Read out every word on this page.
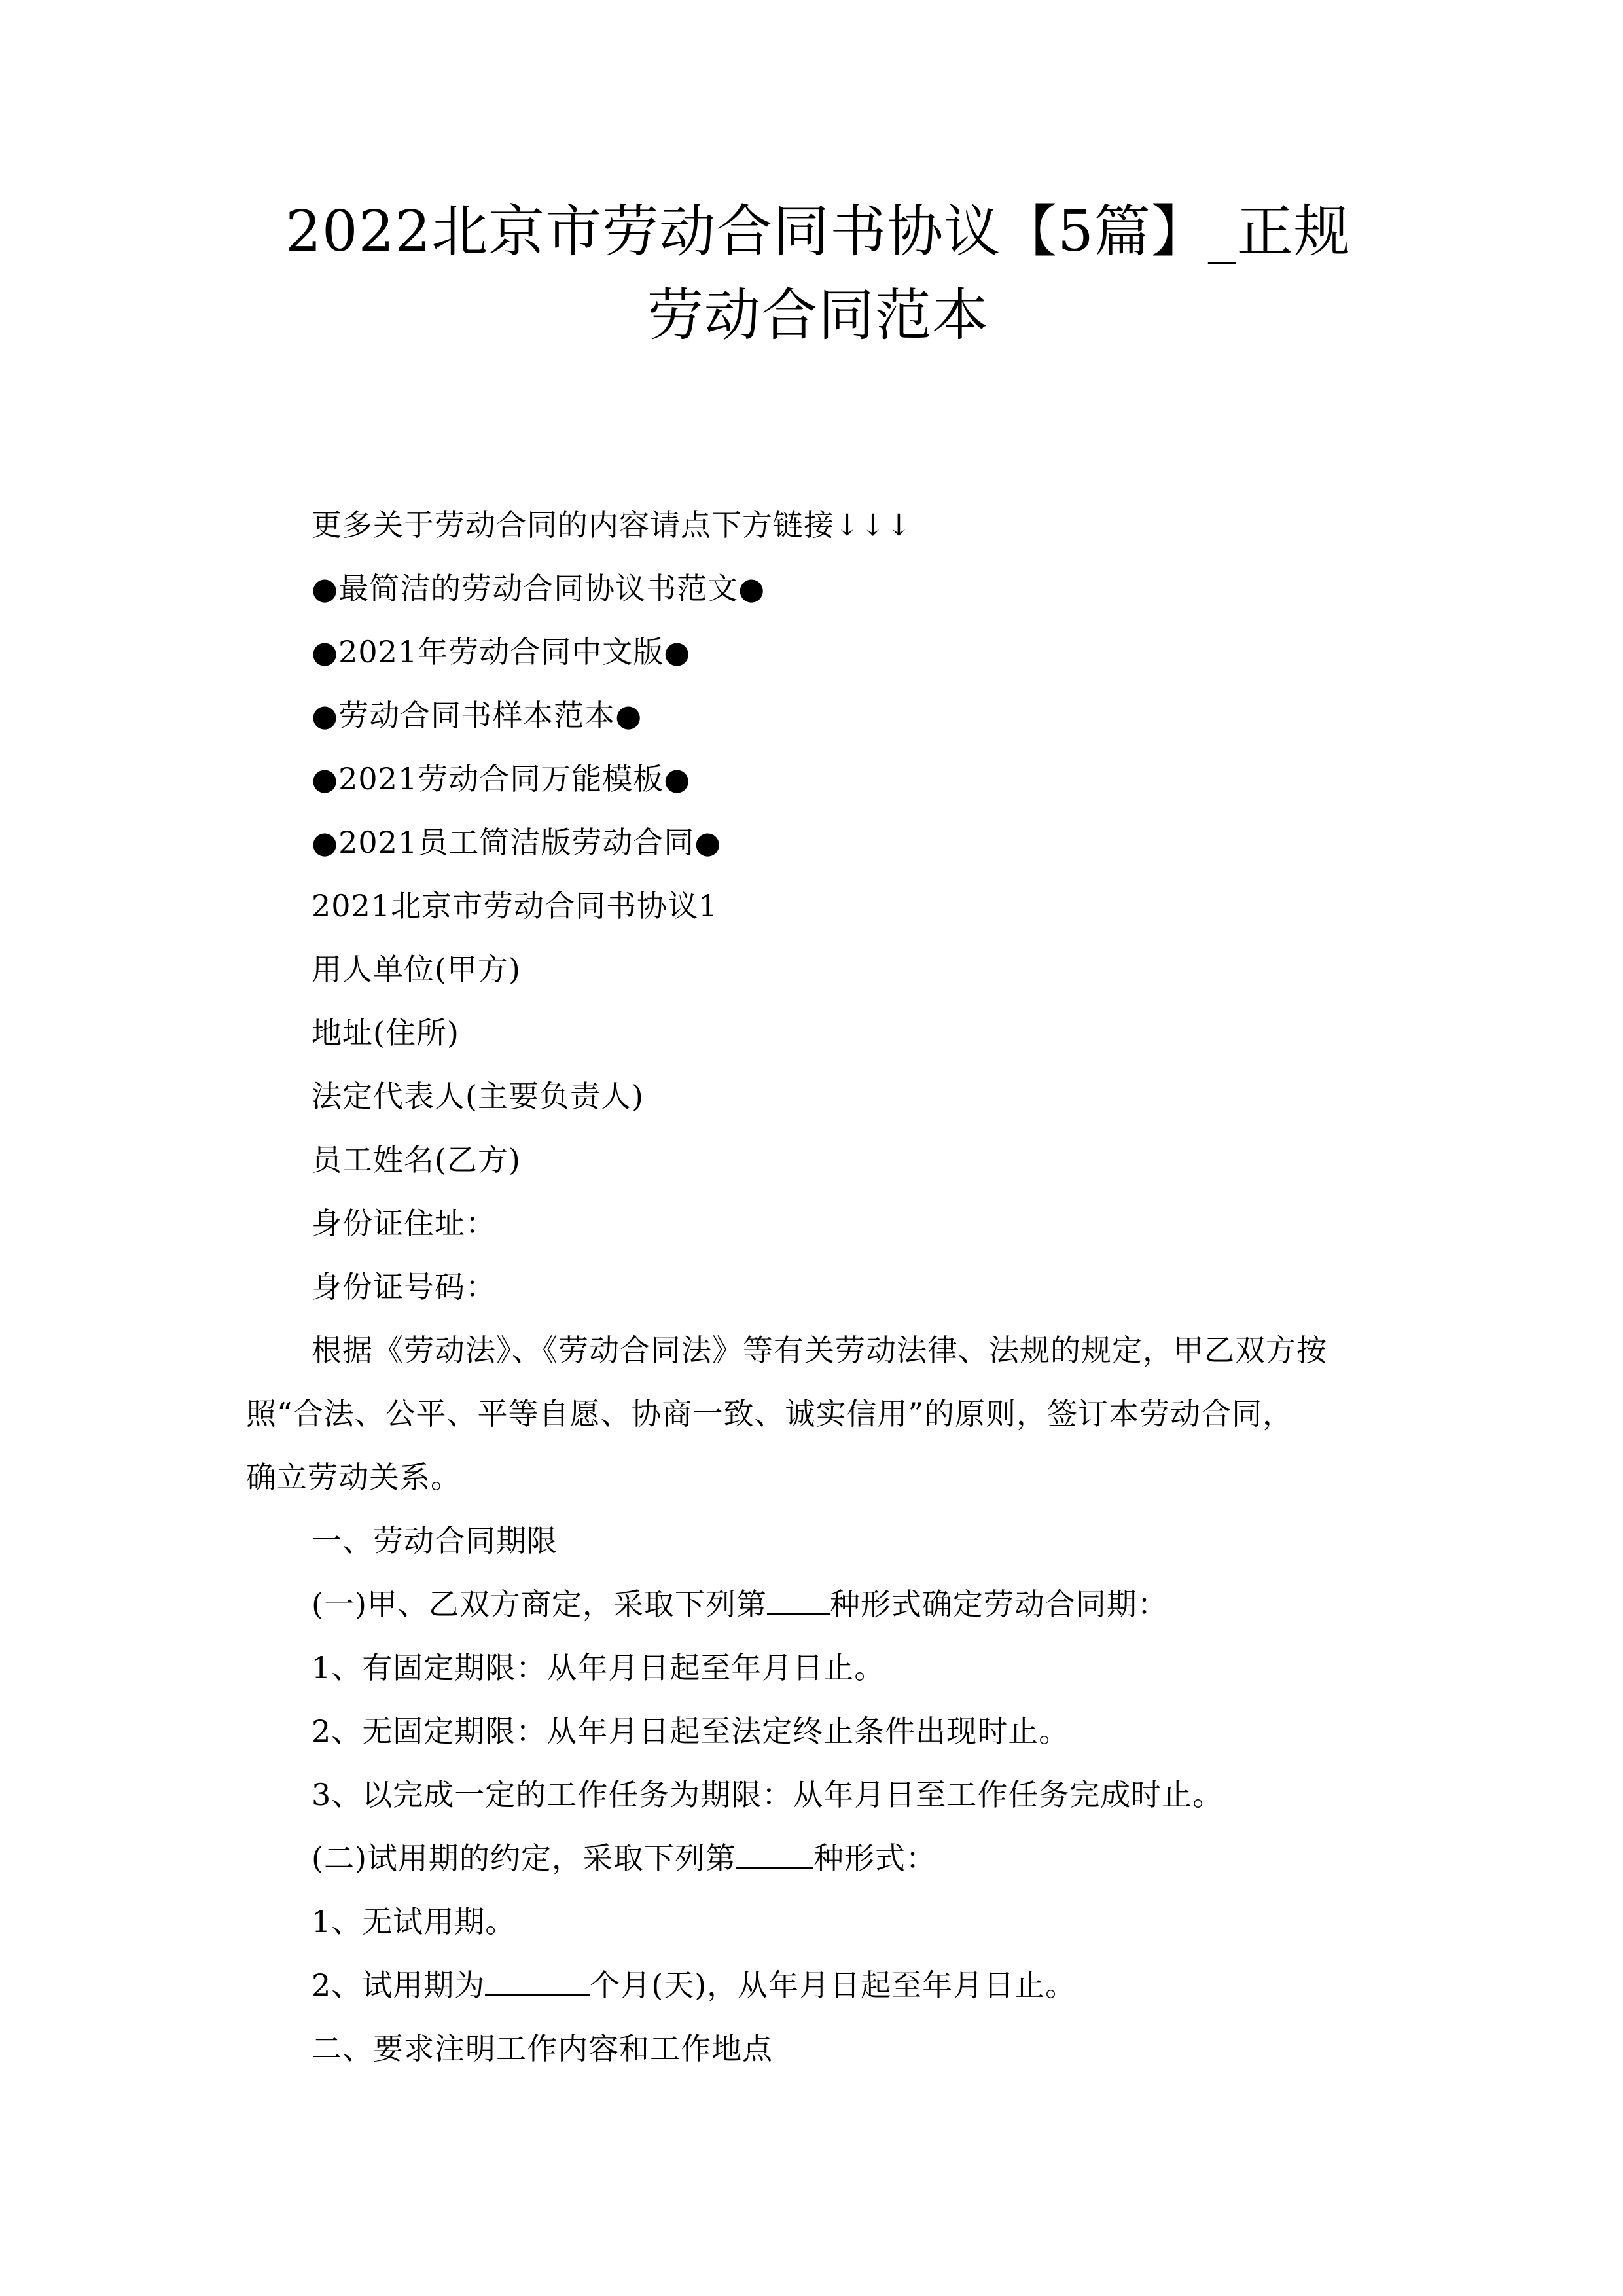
2022北京市劳动合同书协议【5篇】_正规
劳动合同范本
更多关于劳动合同的内容请点下方链接↓↓↓
●最简洁的劳动合同协议书范文●
●2021年劳动合同中文版●
●劳动合同书样本范本●
●2021劳动合同万能模板●
●2021员工简洁版劳动合同●
2021北京市劳动合同书协议1
用人单位(甲方)
地址(住所)
法定代表人(主要负责人)
员工姓名(乙方)
身份证住址：
身份证号码：
根据《劳动法》、《劳动合同法》等有关劳动法律、法规的规定，甲乙双方按
照“合法、公平、平等自愿、协商一致、诚实信用”的原则，签订本劳动合同，
确立劳动关系。
一、劳动合同期限
(一)甲、乙双方商定，采取下列第 种形式确定劳动合同期：
1、有固定期限：从年月日起至年月日止。
2、无固定期限：从年月日起至法定终止条件出现时止。
3、以完成一定的工作任务为期限：从年月日至工作任务完成时止。
(二)试用期的约定，采取下列第	种形式：
1、无试用期。
2、试用期为	个月(天)，从年月日起至年月日止。
二、要求注明工作内容和工作地点
